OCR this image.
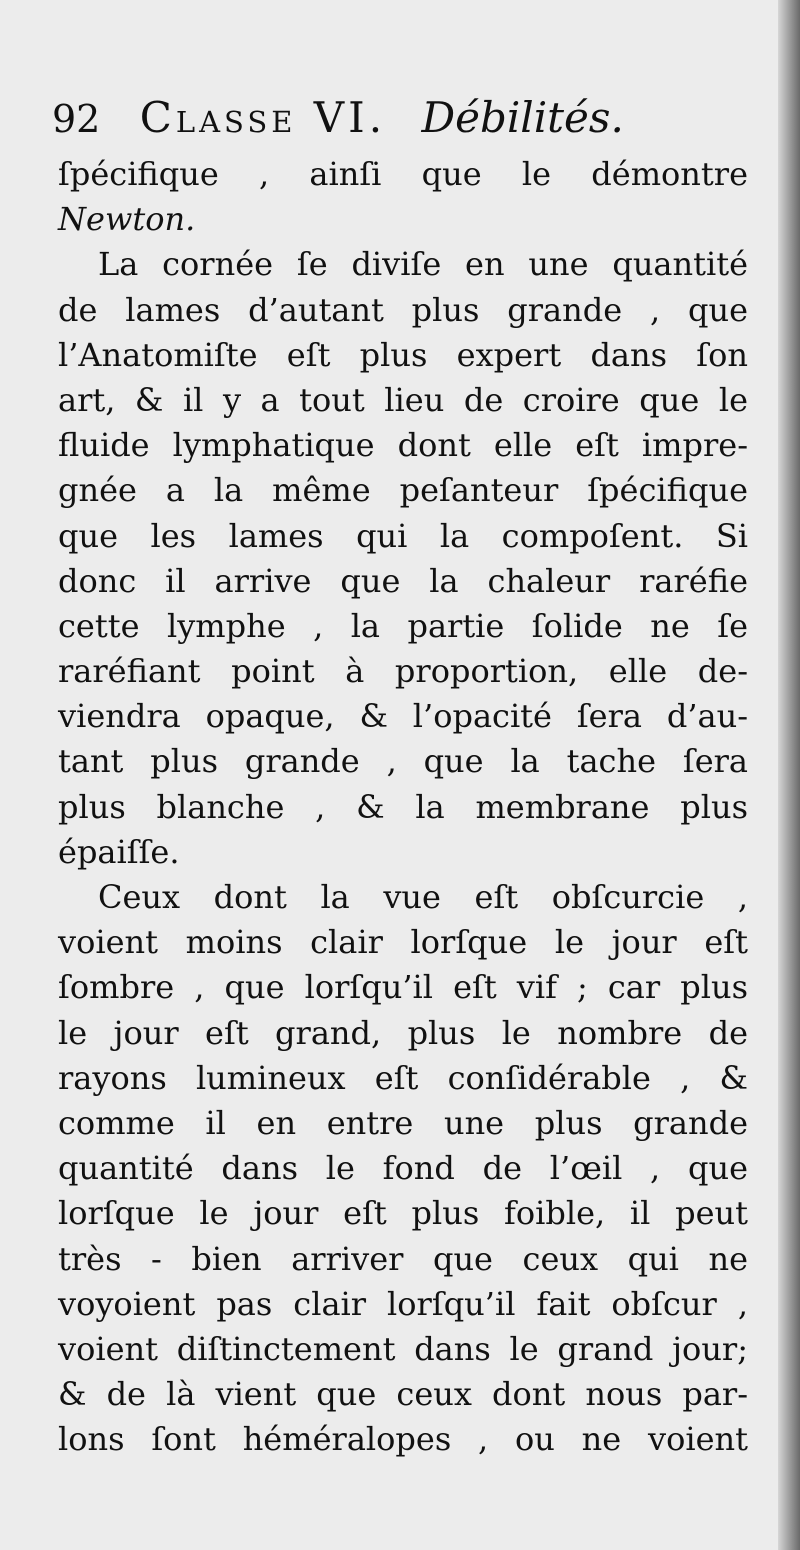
92 Classe VI. Débilités.
ſpécifique , ainſi que le démontre
Newton.
La cornée ſe diviſe en une quantité
de lames d’autant plus grande , que
l’Anatomiſte eſt plus expert dans ſon
art, & il y a tout lieu de croire que le
fluide lymphatique dont elle eſt impre-
gnée a la même peſanteur ſpécifique
que les lames qui la compoſent. Si
donc il arrive que la chaleur raréfie
cette lymphe , la partie ſolide ne ſe
raréfiant point à proportion, elle de-
viendra opaque, & l’opacité ſera d’au-
tant plus grande , que la tache ſera
plus blanche , & la membrane plus
épaiſſe.
Ceux dont la vue eſt obſcurcie ,
voient moins clair lorſque le jour eſt
ſombre , que lorſqu’il eſt vif ; car plus
le jour eſt grand, plus le nombre de
rayons lumineux eſt conſidérable , &
comme il en entre une plus grande
quantité dans le fond de l’œil , que
lorſque le jour eſt plus foible, il peut
très - bien arriver que ceux qui ne
voyoient pas clair lorſqu’il fait obſcur ,
voient diſtinctement dans le grand jour;
& de là vient que ceux dont nous par-
lons ſont héméralopes , ou ne voient
